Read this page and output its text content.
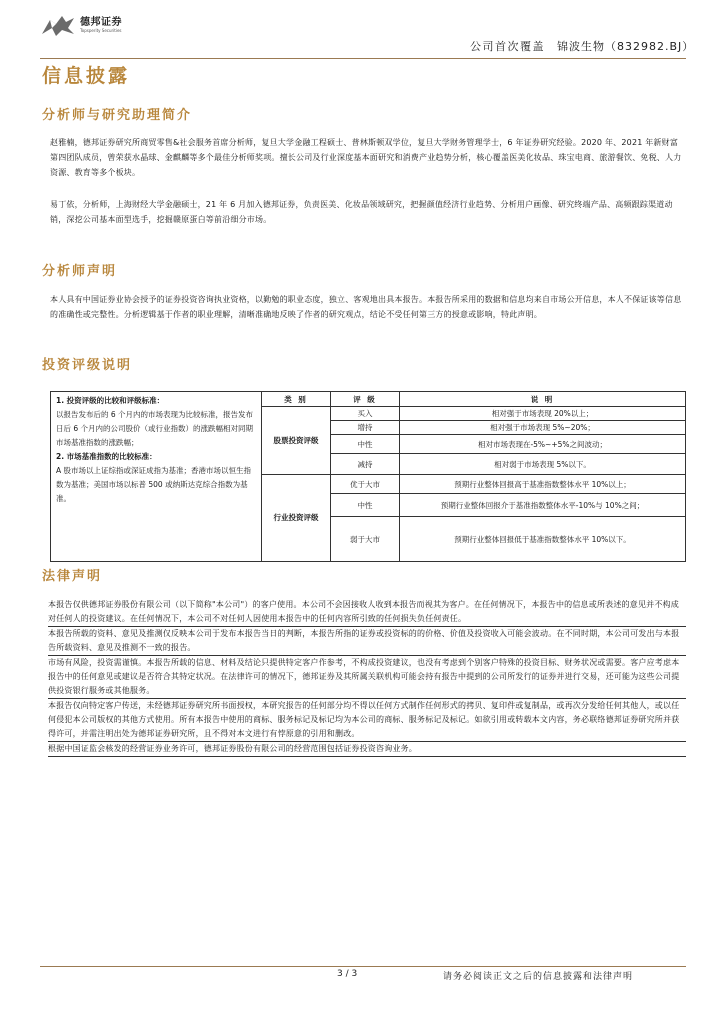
德邦证券
Topsperity Securities
公司首次覆盖 锦波生物（832982.BJ）
信息披露
分析师与研究助理简介
赵雅楠，德邦证券研究所商贸零售&社会服务首席分析师，复旦大学金融工程硕士、普林斯顿双学位，复旦大学财务管理学士，6 年证券研究经验。2020 年、2021 年新财富第四团队成员，曾荣获水晶球、金麒麟等多个最佳分析师奖项。擅长公司及行业深度基本面研究和消费产业趋势分析，核心覆盖医美化妆品、珠宝电商、旅游餐饮、免税、人力资源、教育等多个板块。
易丁依，分析师，上海财经大学金融硕士，21 年 6 月加入德邦证券，负责医美、化妆品领域研究，把握颜值经济行业趋势、分析用户画像、研究终端产品、高频跟踪渠道动销，深挖公司基本面型选手，挖掘赣原蛋白等前沿细分市场。
分析师声明
本人具有中国证券业协会授予的证券投资咨询执业资格，以勤勉的职业态度，独立、客观地出具本报告。本报告所采用的数据和信息均来自市场公开信息，本人不保证该等信息的准确性或完整性。分析逻辑基于作者的职业理解，清晰准确地反映了作者的研究观点，结论不受任何第三方的授意或影响，特此声明。
投资评级说明
1. 投资评级的比较和评级标准：
以报告发布后的 6 个月内的市场表现为比较标准，报告发布日后 6 个月内的公司股价（或行业指数）的涨跌幅相对同期市场基准指数的涨跌幅；
2. 市场基准指数的比较标准：
A 股市场以上证综指或深证成指为基准；香港市场以恒生指数为基准；美国市场以标普 500 或纳斯达克综合指数为基准。	类 别	评 级	说 明
	股票投资评级	买入	相对强于市场表现 20%以上；
		增持	相对强于市场表现 5%~20%；
		中性	相对市场表现在-5%~+5%之间波动；
		减持	相对弱于市场表现 5%以下。
	行业投资评级	优于大市	预期行业整体回报高于基准指数整体水平 10%以上；
		中性	预期行业整体回报介于基准指数整体水平-10%与 10%之间；
		弱于大市	预期行业整体回报低于基准指数整体水平 10%以下。
法律声明
本报告仅供德邦证券股份有限公司（以下简称"本公司"）的客户使用。本公司不会因接收人收到本报告而视其为客户。在任何情况下，本报告中的信息或所表述的意见并不构成对任何人的投资建议。在任何情况下，本公司不对任何人因使用本报告中的任何内容所引致的任何损失负任何责任。
本报告所载的资料、意见及推测仅反映本公司于发布本报告当日的判断，本报告所指的证券或投资标的的价格、价值及投资收入可能会波动。在不同时期，本公司可发出与本报告所载资料、意见及推测不一致的报告。
市场有风险，投资需谨慎。本报告所载的信息、材料及结论只提供特定客户作参考，不构成投资建议，也没有考虑到个别客户特殊的投资目标、财务状况或需要。客户应考虑本报告中的任何意见或建议是否符合其特定状况。在法律许可的情况下，德邦证券及其所属关联机构可能会持有报告中提到的公司所发行的证券并进行交易，还可能为这些公司提供投资银行服务或其他服务。
本报告仅向特定客户传送，未经德邦证券研究所书面授权，本研究报告的任何部分均不得以任何方式制作任何形式的拷贝、复印件或复制品，或再次分发给任何其他人，或以任何侵犯本公司版权的其他方式使用。所有本报告中使用的商标、服务标记及标记均为本公司的商标、服务标记及标记。如欲引用或转载本文内容，务必联络德邦证券研究所并获得许可，并需注明出处为德邦证券研究所，且不得对本文进行有悖原意的引用和删改。
根据中国证监会核发的经营证券业务许可，德邦证券股份有限公司的经营范围包括证券投资咨询业务。
3 / 3	请务必阅读正文之后的信息披露和法律声明
